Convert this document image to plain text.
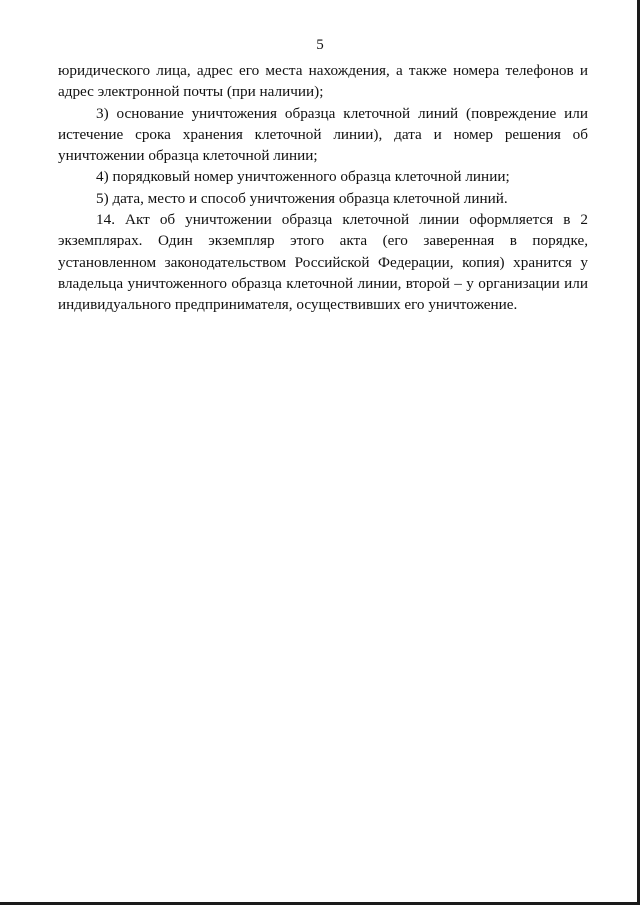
5
юридического лица, адрес его места нахождения, а также номера телефонов и
адрес электронной почты (при наличии);
3) основание уничтожения образца клеточной линий (повреждение или
истечение срока хранения клеточной линии), дата и номер решения об
уничтожении образца клеточной линии;
4) порядковый номер уничтоженного образца клеточной линии;
5) дата, место и способ уничтожения образца клеточной линий.
14. Акт об уничтожении образца клеточной линии оформляется в 2
экземплярах. Один экземпляр этого акта (его заверенная в порядке,
установленном законодательством Российской Федерации, копия) хранится у
владельца уничтоженного образца клеточной линии, второй – у организации или
индивидуального предпринимателя, осуществивших его уничтожение.
